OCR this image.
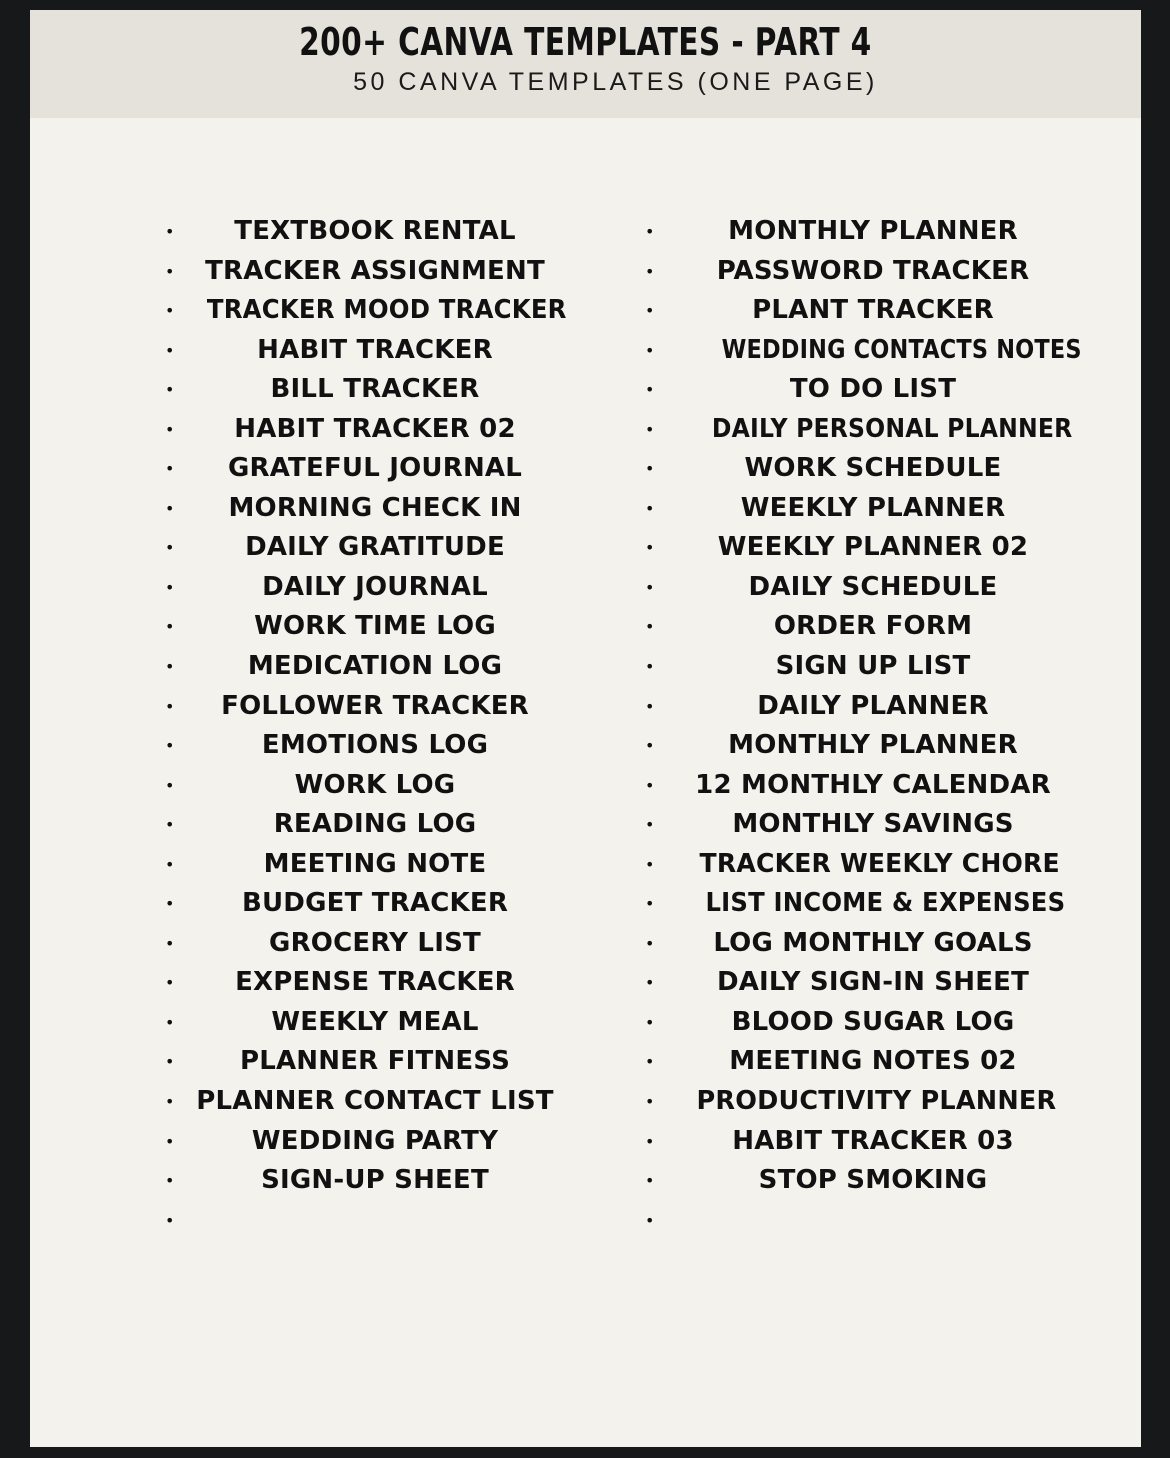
200+ CANVA TEMPLATES - PART 4
50 CANVA TEMPLATES (ONE PAGE)
•	TEXTBOOK RENTAL
•	TRACKER ASSIGNMENT
•	TRACKER MOOD TRACKER
•	HABIT TRACKER
•	BILL TRACKER
•	HABIT TRACKER 02
•	GRATEFUL JOURNAL
•	MORNING CHECK IN
•	DAILY GRATITUDE
•	DAILY JOURNAL
•	WORK TIME LOG
•	MEDICATION LOG
•	FOLLOWER TRACKER
•	EMOTIONS LOG
•	WORK LOG
•	READING LOG
•	MEETING NOTE
•	BUDGET TRACKER
•	GROCERY LIST
•	EXPENSE TRACKER
•	WEEKLY MEAL
•	PLANNER FITNESS
• PLANNER CONTACT LIST
•	WEDDING PARTY
•	SIGN-UP SHEET
•
•	MONTHLY PLANNER
•	PASSWORD TRACKER
•	PLANT TRACKER
•	WEDDING CONTACTS NOTES
•	TO DO LIST
•	DAILY PERSONAL PLANNER
•	WORK SCHEDULE
•	WEEKLY PLANNER
•	WEEKLY PLANNER 02
•	DAILY SCHEDULE
•	ORDER FORM
•	SIGN UP LIST
•	DAILY PLANNER
•	MONTHLY PLANNER
• 12 MONTHLY CALENDAR
•	MONTHLY SAVINGS
• TRACKER WEEKLY CHORE
•	LIST INCOME & EXPENSES
•	LOG MONTHLY GOALS
•	DAILY SIGN-IN SHEET
•	BLOOD SUGAR LOG
•	MEETING NOTES 02
• PRODUCTIVITY PLANNER
•	HABIT TRACKER 03
•	STOP SMOKING
•
